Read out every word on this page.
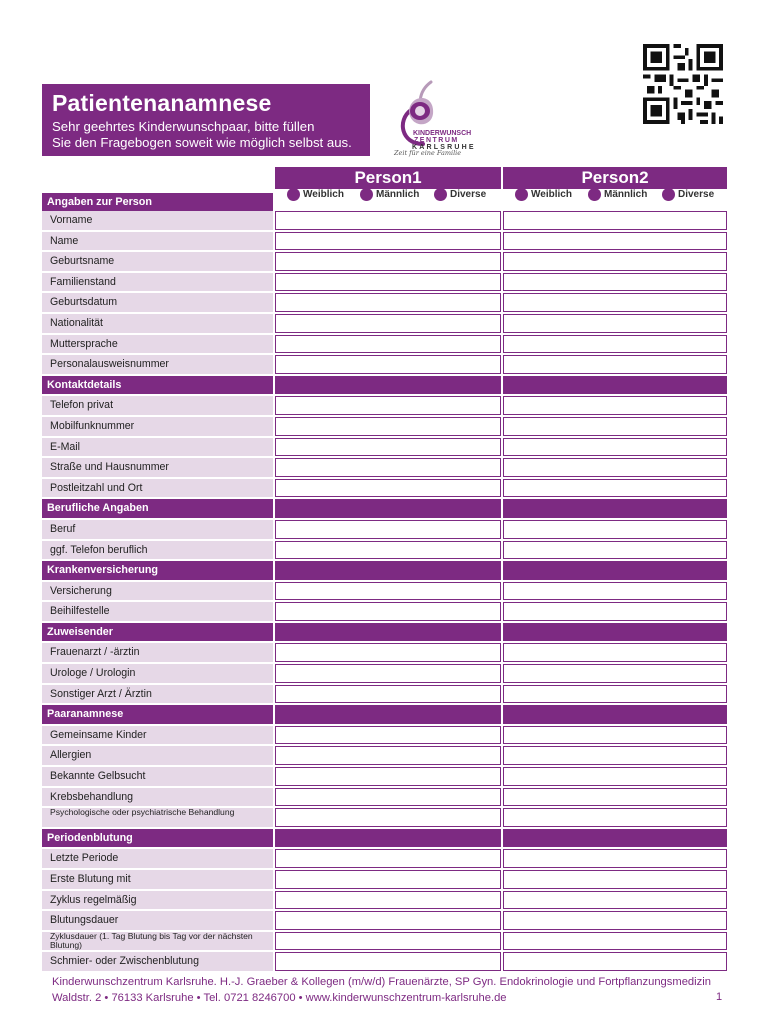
Patientenanamnese
Sehr geehrtes Kinderwunschpaar, bitte füllen
Sie den Fragebogen soweit wie möglich selbst aus.
KINDERWUNSCH
ZENTRUM
KARLSRUHE
Zeit für eine Familie
Person1	Person2
Angaben zur Person
Weiblich	Männlich	Diverse	Weiblich	Männlich	Diverse
Vorname
Name
Geburtsname
Familienstand
Geburtsdatum
Nationalität
Muttersprache
Personalausweisnummer
Kontaktdetails
Telefon privat
Mobilfunknummer
E-Mail
Straße und Hausnummer
Postleitzahl und Ort
Berufliche Angaben
Beruf
ggf. Telefon beruflich
Krankenversicherung
Versicherung
Beihilfestelle
Zuweisender
Frauenarzt / -ärztin
Urologe / Urologin
Sonstiger Arzt / Ärztin
Paaranamnese
Gemeinsame Kinder
Allergien
Bekannte Gelbsucht
Krebsbehandlung
Psychologische oder psychiatrische Behandlung
Periodenblutung
Letzte Periode
Erste Blutung mit
Zyklus regelmäßig
Blutungsdauer
Zyklusdauer (1. Tag Blutung bis Tag vor der nächsten Blutung)
Schmier- oder Zwischenblutung
Kinderwunschzentrum Karlsruhe. H.-J. Graeber & Kollegen (m/w/d) Frauenärzte, SP Gyn. Endokrinologie und Fortpflanzungsmedizin
Waldstr. 2 • 76133 Karlsruhe • Tel. 0721 8246700 • www.kinderwunschzentrum-karlsruhe.de	1
